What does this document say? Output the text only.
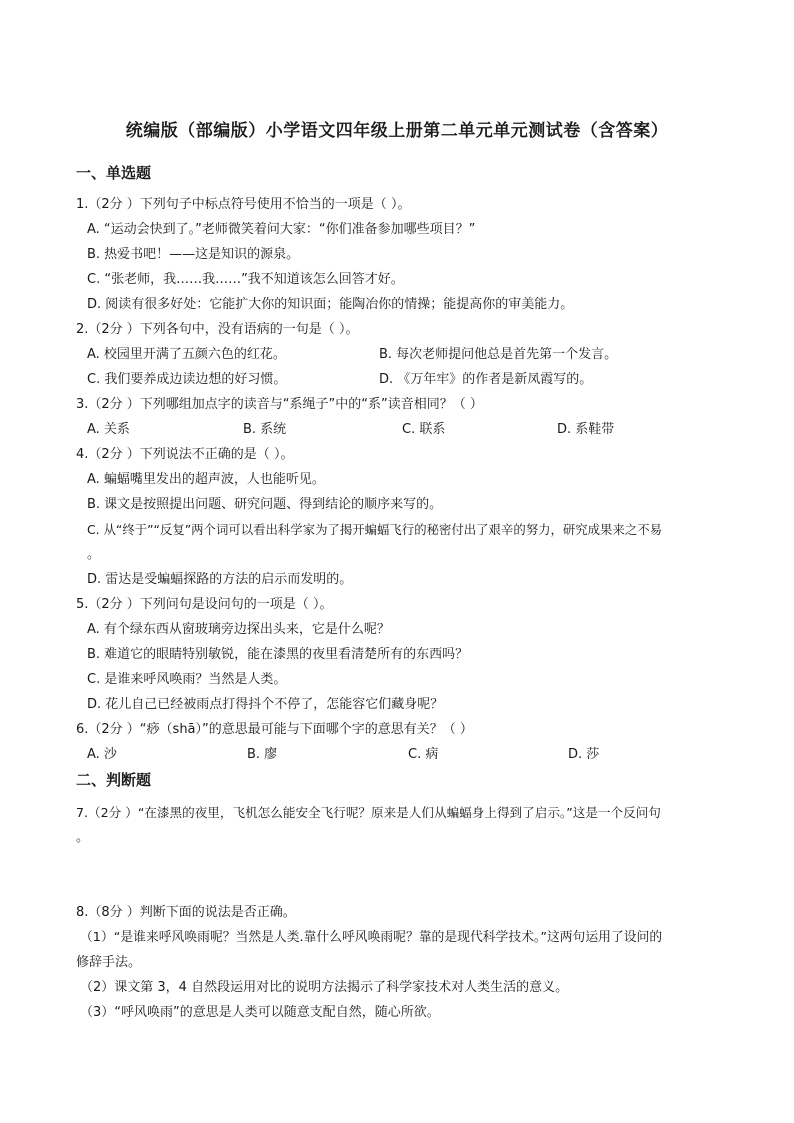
统编版（部编版）小学语文四年级上册第二单元单元测试卷（含答案）
一、单选题
1.（2分 ）下列句子中标点符号使用不恰当的一项是（ ）。
A. “运动会快到了。”老师微笑着问大家：“你们准备参加哪些项目？”
B. 热爱书吧！——这是知识的源泉。
C. “张老师，我……我……”我不知道该怎么回答才好。
D. 阅读有很多好处：它能扩大你的知识面；能陶冶你的情操；能提高你的审美能力。
2.（2分 ）下列各句中，没有语病的一句是（ ）。
A. 校园里开满了五颜六色的红花。	B. 每次老师提问他总是首先第一个发言。
C. 我们要养成边读边想的好习惯。	D. 《万年牢》的作者是新凤霞写的。
3.（2分 ）下列哪组加点字的读音与“系绳子”中的“系”读音相同？（ ）
A. 关系	B. 系统	C. 联系	D. 系鞋带
4.（2分 ）下列说法不正确的是（ ）。
A. 蝙蝠嘴里发出的超声波，人也能听见。
B. 课文是按照提出问题、研究问题、得到结论的顺序来写的。
C. 从“终于”“反复”两个词可以看出科学家为了揭开蝙蝠飞行的秘密付出了艰辛的努力，研究成果来之不易
。
D. 雷达是受蝙蝠探路的方法的启示而发明的。
5.（2分 ）下列问句是设问句的一项是（ ）。
A. 有个绿东西从窗玻璃旁边探出头来，它是什么呢？
B. 难道它的眼睛特别敏锐，能在漆黑的夜里看清楚所有的东西吗？
C. 是谁来呼风唤雨？当然是人类。
D. 花儿自己已经被雨点打得抖个不停了，怎能容它们藏身呢？
6.（2分 ）“痧（shā）”的意思最可能与下面哪个字的意思有关？（ ）
A. 沙	B. 廖	C. 病	D. 莎
二、判断题
7.（2分 ）“在漆黑的夜里，飞机怎么能安全飞行呢？原来是人们从蝙蝠身上得到了启示。”这是一个反问句
。
8.（8分 ）判断下面的说法是否正确。
（1）“是谁来呼风唤雨呢？当然是人类.靠什么呼风唤雨呢？靠的是现代科学技术。”这两句运用了设问的
修辞手法。
（2）课文第 3，4 自然段运用对比的说明方法揭示了科学家技术对人类生活的意义。
（3）“呼风唤雨”的意思是人类可以随意支配自然，随心所欲。
